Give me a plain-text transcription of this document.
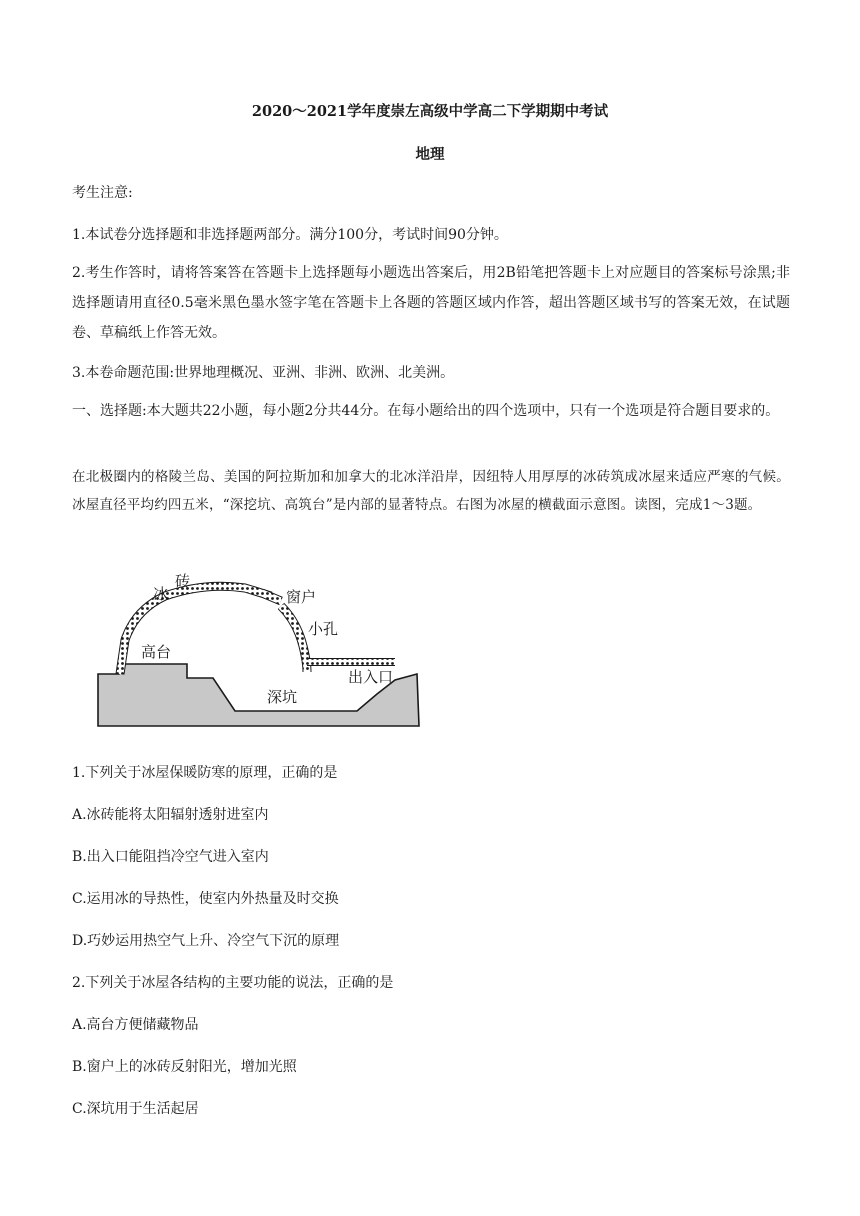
2020～2021学年度崇左高级中学高二下学期期中考试

地理

考生注意:

1.本试卷分选择题和非选择题两部分。满分100分，考试时间90分钟。

2.考生作答时，请将答案答在答题卡上选择题每小题选出答案后，用2B铅笔把答题卡上对应题目的答案标号涂黑;非选择题请用直径0.5毫米黑色墨水签字笔在答题卡上各题的答题区域内作答，超出答题区域书写的答案无效，在试题卷、草稿纸上作答无效。

3.本卷命题范围:世界地理概况、亚洲、非洲、欧洲、北美洲。

一、选择题:本大题共22小题，每小题2分共44分。在每小题给出的四个选项中，只有一个选项是符合题目要求的。

在北极圈内的格陵兰岛、美国的阿拉斯加和加拿大的北冰洋沿岸，因纽特人用厚厚的冰砖筑成冰屋来适应严寒的气候。冰屋直径平均约四五米，“深挖坑、高筑台”是内部的显著特点。右图为冰屋的横截面示意图。读图，完成1～3题。

冰
砖
窗户
小孔
高台
出入口
深坑

1.下列关于冰屋保暖防寒的原理，正确的是

A.冰砖能将太阳辐射透射进室内

B.出入口能阻挡冷空气进入室内

C.运用冰的导热性，使室内外热量及时交换

D.巧妙运用热空气上升、冷空气下沉的原理

2.下列关于冰屋各结构的主要功能的说法，正确的是

A.高台方便储藏物品

B.窗户上的冰砖反射阳光，增加光照

C.深坑用于生活起居
